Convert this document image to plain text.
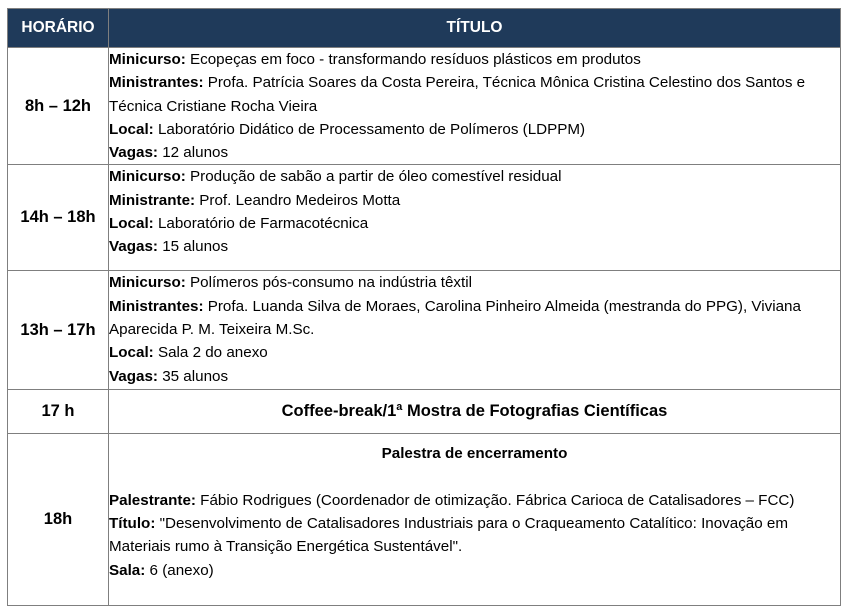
HORÁRIO	TÍTULO
8h – 12h	Minicurso: Ecopeças em foco - transformando resíduos plásticos em produtos
Ministrantes: Profa. Patrícia Soares da Costa Pereira, Técnica Mônica Cristina Celestino dos Santos e Técnica Cristiane Rocha Vieira
Local: Laboratório Didático de Processamento de Polímeros (LDPPM)
Vagas: 12 alunos

14h – 18h	Minicurso: Produção de sabão a partir de óleo comestível residual
Ministrante: Prof. Leandro Medeiros Motta
Local: Laboratório de Farmacotécnica
Vagas: 15 alunos

13h – 17h	Minicurso: Polímeros pós-consumo na indústria têxtil
Ministrantes: Profa. Luanda Silva de Moraes, Carolina Pinheiro Almeida (mestranda do PPG), Viviana Aparecida P. M. Teixeira M.Sc.
Local: Sala 2 do anexo
Vagas: 35 alunos

17 h	Coffee-break/1ª Mostra de Fotografias Científicas
18h	Palestra de encerramento
Palestrante: Fábio Rodrigues (Coordenador de otimização. Fábrica Carioca de Catalisadores – FCC)
Título: "Desenvolvimento de Catalisadores Industriais para o Craqueamento Catalítico: Inovação em Materiais rumo à Transição Energética Sustentável".
Sala: 6 (anexo)
